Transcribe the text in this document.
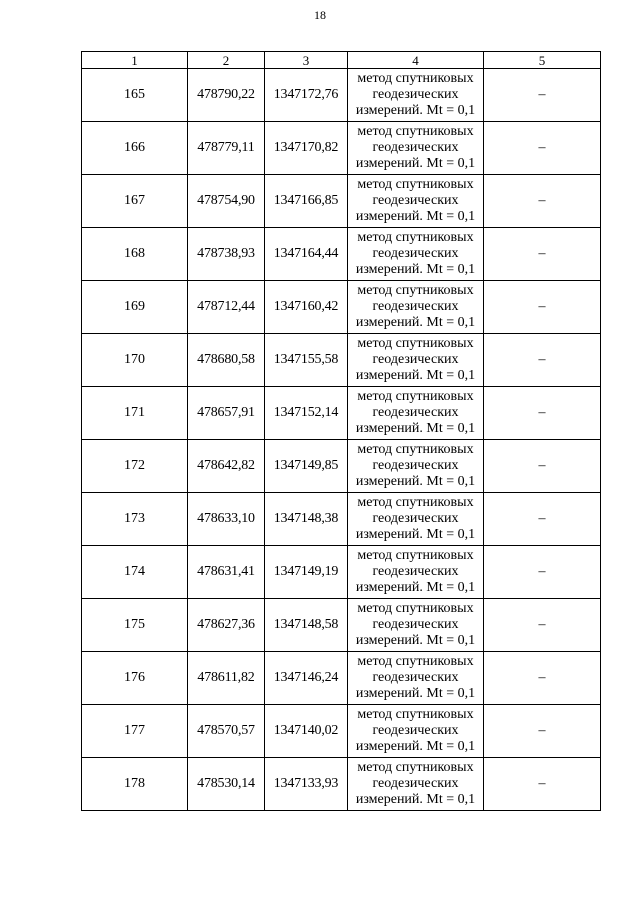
18
1	2	3	4	5
165	478790,22	1347172,76	метод спутниковых
геодезических
измерений. Mt = 0,1	–
166	478779,11	1347170,82	метод спутниковых
геодезических
измерений. Mt = 0,1	–
167	478754,90	1347166,85	метод спутниковых
геодезических
измерений. Mt = 0,1	–
168	478738,93	1347164,44	метод спутниковых
геодезических
измерений. Mt = 0,1	–
169	478712,44	1347160,42	метод спутниковых
геодезических
измерений. Mt = 0,1	–
170	478680,58	1347155,58	метод спутниковых
геодезических
измерений. Mt = 0,1	–
171	478657,91	1347152,14	метод спутниковых
геодезических
измерений. Mt = 0,1	–
172	478642,82	1347149,85	метод спутниковых
геодезических
измерений. Mt = 0,1	–
173	478633,10	1347148,38	метод спутниковых
геодезических
измерений. Mt = 0,1	–
174	478631,41	1347149,19	метод спутниковых
геодезических
измерений. Mt = 0,1	–
175	478627,36	1347148,58	метод спутниковых
геодезических
измерений. Mt = 0,1	–
176	478611,82	1347146,24	метод спутниковых
геодезических
измерений. Mt = 0,1	–
177	478570,57	1347140,02	метод спутниковых
геодезических
измерений. Mt = 0,1	–
178	478530,14	1347133,93	метод спутниковых
геодезических
измерений. Mt = 0,1	–
